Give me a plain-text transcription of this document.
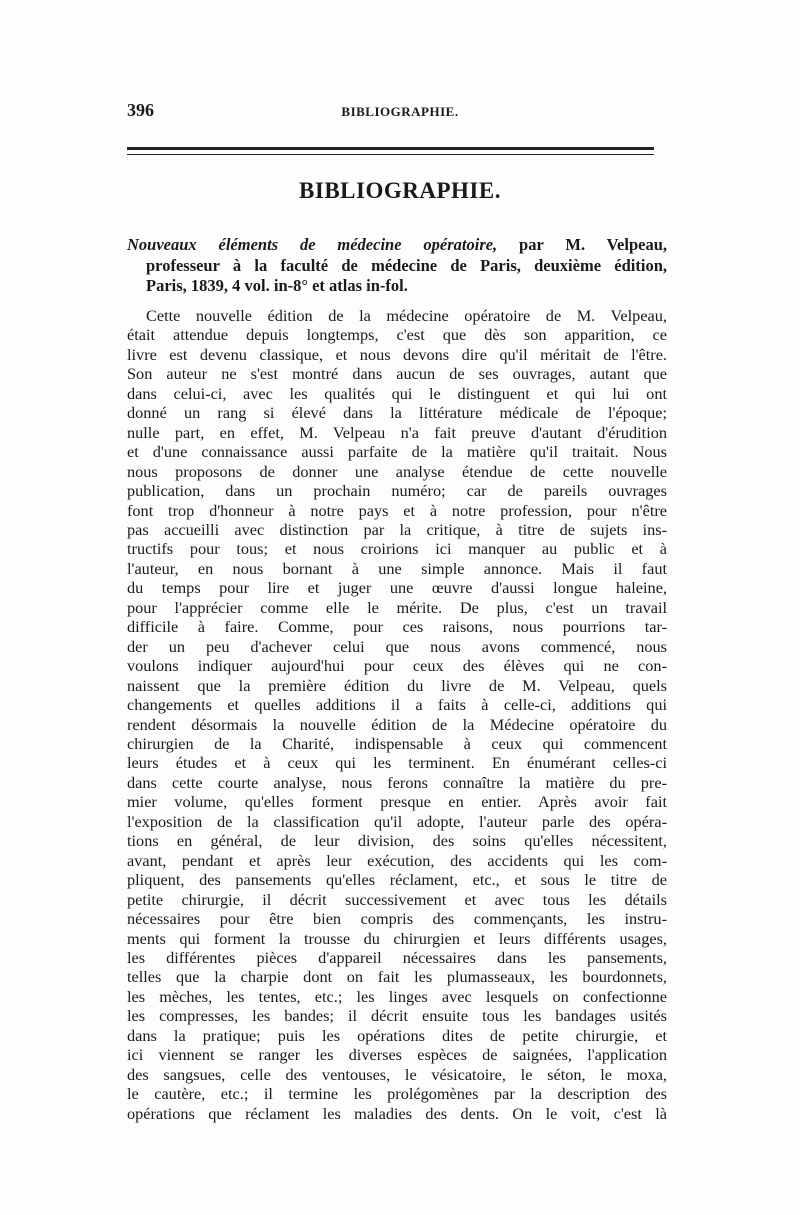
396	BIBLIOGRAPHIE.
BIBLIOGRAPHIE.
Nouveaux éléments de médecine opératoire, par M. Velpeau,
professeur à la faculté de médecine de Paris, deuxième édition,
Paris, 1839, 4 vol. in-8° et atlas in-fol.
Cette nouvelle édition de la médecine opératoire de M. Velpeau,
était attendue depuis longtemps, c'est que dès son apparition, ce
livre est devenu classique, et nous devons dire qu'il méritait de l'être.
Son auteur ne s'est montré dans aucun de ses ouvrages, autant que
dans celui-ci, avec les qualités qui le distinguent et qui lui ont
donné un rang si élevé dans la littérature médicale de l'époque;
nulle part, en effet, M. Velpeau n'a fait preuve d'autant d'érudition
et d'une connaissance aussi parfaite de la matière qu'il traitait. Nous
nous proposons de donner une analyse étendue de cette nouvelle
publication, dans un prochain numéro; car de pareils ouvrages
font trop d'honneur à notre pays et à notre profession, pour n'être
pas accueilli avec distinction par la critique, à titre de sujets ins-
tructifs pour tous; et nous croirions ici manquer au public et à
l'auteur, en nous bornant à une simple annonce. Mais il faut
du temps pour lire et juger une œuvre d'aussi longue haleine,
pour l'apprécier comme elle le mérite. De plus, c'est un travail
difficile à faire. Comme, pour ces raisons, nous pourrions tar-
der un peu d'achever celui que nous avons commencé, nous
voulons indiquer aujourd'hui pour ceux des élèves qui ne con-
naissent que la première édition du livre de M. Velpeau, quels
changements et quelles additions il a faits à celle-ci, additions qui
rendent désormais la nouvelle édition de la Médecine opératoire du
chirurgien de la Charité, indispensable à ceux qui commencent
leurs études et à ceux qui les terminent. En énumérant celles-ci
dans cette courte analyse, nous ferons connaître la matière du pre-
mier volume, qu'elles forment presque en entier. Après avoir fait
l'exposition de la classification qu'il adopte, l'auteur parle des opéra-
tions en général, de leur division, des soins qu'elles nécessitent,
avant, pendant et après leur exécution, des accidents qui les com-
pliquent, des pansements qu'elles réclament, etc., et sous le titre de
petite chirurgie, il décrit successivement et avec tous les détails
nécessaires pour être bien compris des commençants, les instru-
ments qui forment la trousse du chirurgien et leurs différents usages,
les différentes pièces d'appareil nécessaires dans les pansements,
telles que la charpie dont on fait les plumasseaux, les bourdonnets,
les mèches, les tentes, etc.; les linges avec lesquels on confectionne
les compresses, les bandes; il décrit ensuite tous les bandages usités
dans la pratique; puis les opérations dites de petite chirurgie, et
ici viennent se ranger les diverses espèces de saignées, l'application
des sangsues, celle des ventouses, le vésicatoire, le séton, le moxa,
le cautère, etc.; il termine les prolégomènes par la description des
opérations que réclament les maladies des dents. On le voit, c'est là
